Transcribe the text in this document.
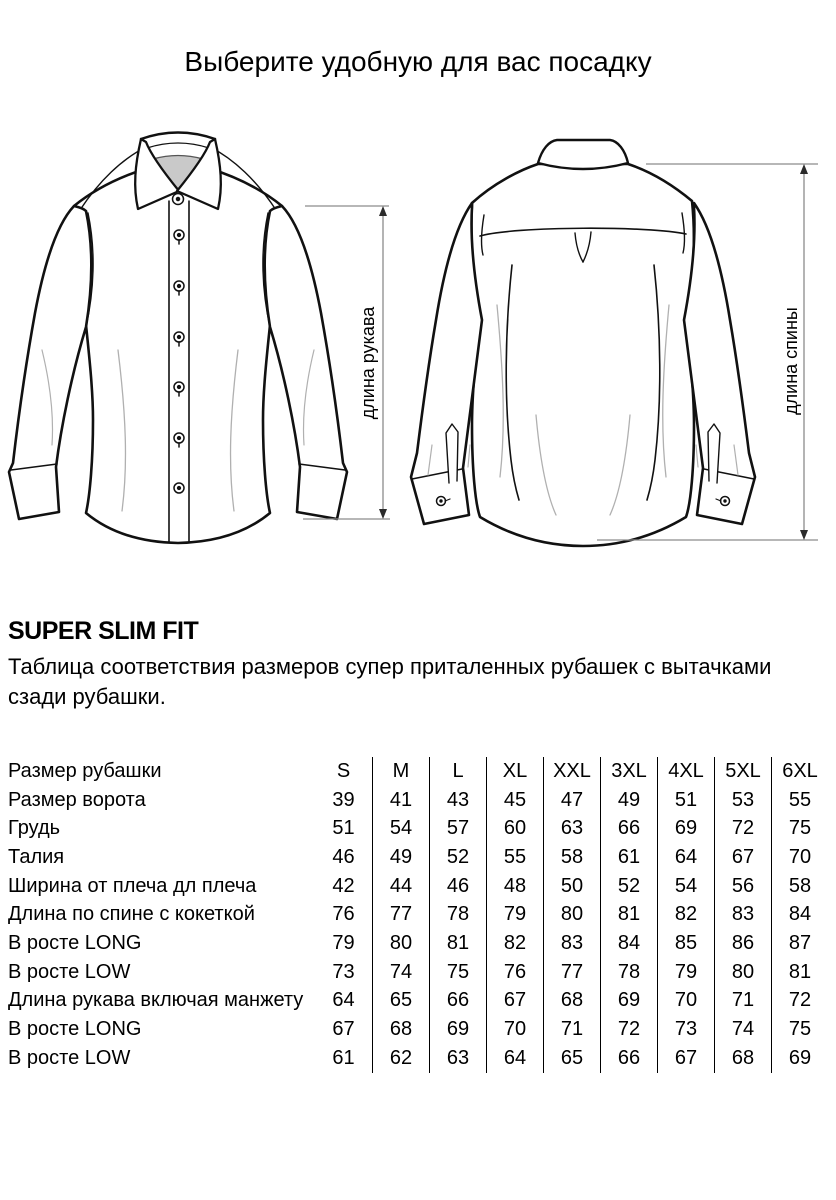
Выберите удобную для вас посадку
длина рукава	длина спины
SUPER SLIM FIT
Таблица соответствия размеров супер приталенных рубашек с вытачками
сзади рубашки.
Размер рубашки	S	M	L	XL	XXL	3XL	4XL	5XL	6XL
Размер ворота	39	41	43	45	47	49	51	53	55
Грудь	51	54	57	60	63	66	69	72	75
Талия	46	49	52	55	58	61	64	67	70
Ширина от плеча дл плеча	42	44	46	48	50	52	54	56	58
Длина по спине с кокеткой	76	77	78	79	80	81	82	83	84
В росте LONG	79	80	81	82	83	84	85	86	87
В росте LOW	73	74	75	76	77	78	79	80	81
Длина рукава включая манжету	64	65	66	67	68	69	70	71	72
В росте LONG	67	68	69	70	71	72	73	74	75
В росте LOW	61	62	63	64	65	66	67	68	69
